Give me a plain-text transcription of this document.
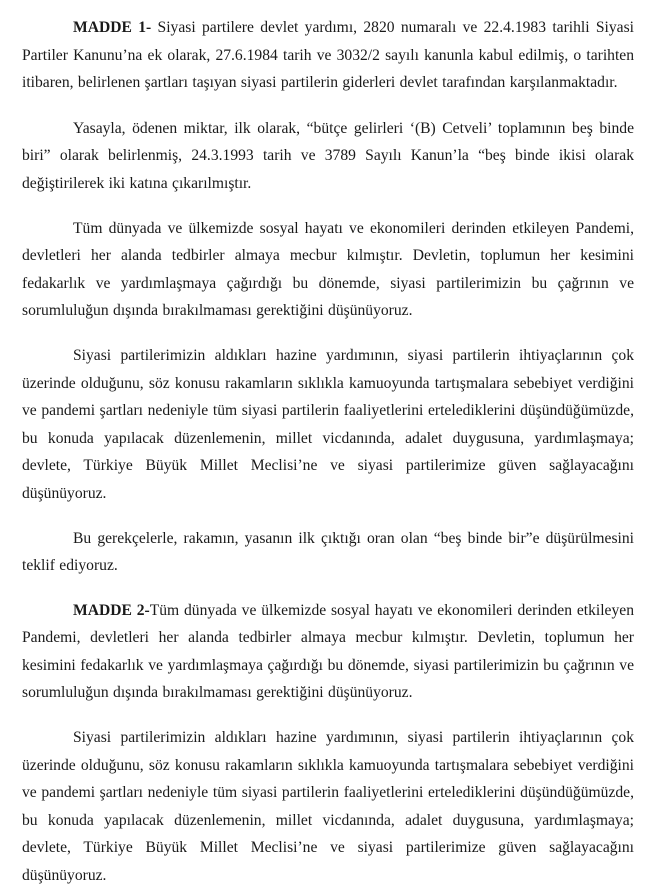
MADDE 1- Siyasi partilere devlet yardımı, 2820 numaralı ve 22.4.1983 tarihli Siyasi Partiler Kanunu’na ek olarak, 27.6.1984 tarih ve 3032/2 sayılı kanunla kabul edilmiş, o tarihten itibaren, belirlenen şartları taşıyan siyasi partilerin giderleri devlet tarafından karşılanmaktadır.

Yasayla, ödenen miktar, ilk olarak, “bütçe gelirleri ‘(B) Cetveli’ toplamının beş binde biri” olarak belirlenmiş, 24.3.1993 tarih ve 3789 Sayılı Kanun’la “beş binde ikisi olarak değiştirilerek iki katına çıkarılmıştır.

Tüm dünyada ve ülkemizde sosyal hayatı ve ekonomileri derinden etkileyen Pandemi, devletleri her alanda tedbirler almaya mecbur kılmıştır. Devletin, toplumun her kesimini fedakarlık ve yardımlaşmaya çağırdığı bu dönemde, siyasi partilerimizin bu çağrının ve sorumluluğun dışında bırakılmaması gerektiğini düşünüyoruz.

Siyasi partilerimizin aldıkları hazine yardımının, siyasi partilerin ihtiyaçlarının çok üzerinde olduğunu, söz konusu rakamların sıklıkla kamuoyunda tartışmalara sebebiyet verdiğini ve pandemi şartları nedeniyle tüm siyasi partilerin faaliyetlerini ertelediklerini düşündüğümüzde, bu konuda yapılacak düzenlemenin, millet vicdanında, adalet duygusuna, yardımlaşmaya; devlete, Türkiye Büyük Millet Meclisi’ne ve siyasi partilerimize güven sağlayacağını düşünüyoruz.

Bu gerekçelerle, rakamın, yasanın ilk çıktığı oran olan “beş binde bir”e düşürülmesini teklif ediyoruz.

MADDE 2-Tüm dünyada ve ülkemizde sosyal hayatı ve ekonomileri derinden etkileyen Pandemi, devletleri her alanda tedbirler almaya mecbur kılmıştır. Devletin, toplumun her kesimini fedakarlık ve yardımlaşmaya çağırdığı bu dönemde, siyasi partilerimizin bu çağrının ve sorumluluğun dışında bırakılmaması gerektiğini düşünüyoruz.

Siyasi partilerimizin aldıkları hazine yardımının, siyasi partilerin ihtiyaçlarının çok üzerinde olduğunu, söz konusu rakamların sıklıkla kamuoyunda tartışmalara sebebiyet verdiğini ve pandemi şartları nedeniyle tüm siyasi partilerin faaliyetlerini ertelediklerini düşündüğümüzde, bu konuda yapılacak düzenlemenin, millet vicdanında, adalet duygusuna, yardımlaşmaya; devlete, Türkiye Büyük Millet Meclisi’ne ve siyasi partilerimize güven sağlayacağını düşünüyoruz.
